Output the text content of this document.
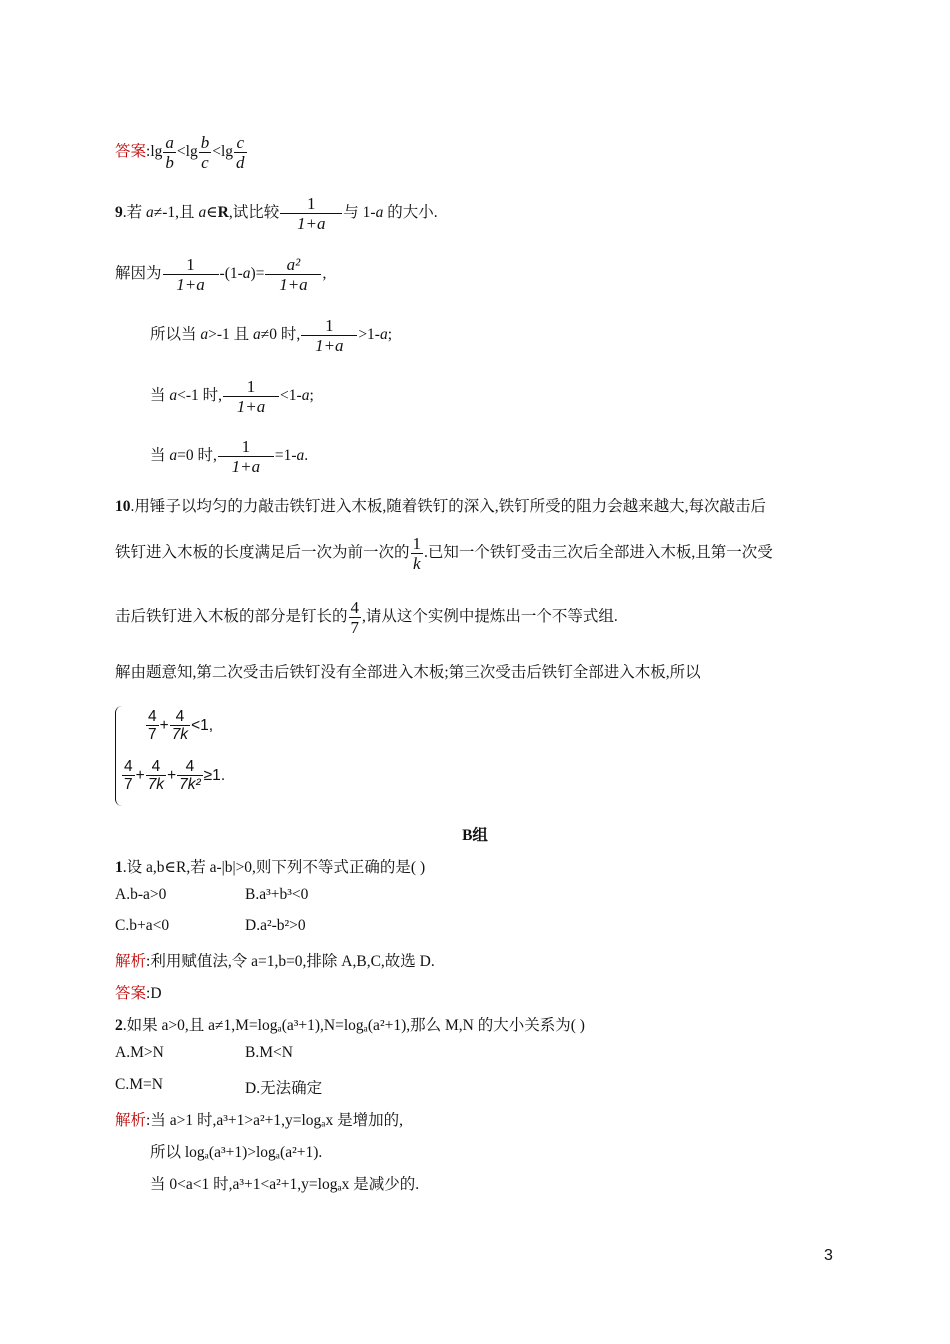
答案:lg $\frac{a}{b} <\lg \frac{b}{c} <\lg \frac{c}{d}$
9.若 a≠-1,且 a∈R,试比较 $\frac{1}{1+a}$ 与 1-a 的大小.
解因为 $\frac{1}{1+a} -(1-a)= \frac{\text{a²}}{1+a}$ ,
所以当 a>-1 且 a≠0 时, $\frac{1}{1+a} >1-a$;
当 a<-1 时, $\frac{1}{1+a} <1-a$;
当 a=0 时, $\frac{1}{1+a} =1-a$.
10.用锤子以均匀的力敲击铁钉进入木板,随着铁钉的深入,铁钉所受的阻力会越来越大,每次敲击后
铁钉进入木板的长度满足后一次为前一次的 $\frac{1}{k}$ .已知一个铁钉受击三次后全部进入木板,且第一次受
击后铁钉进入木板的部分是钉长的 $\frac{4}{7}$ ,请从这个实例中提炼出一个不等式组.
解由题意知,第二次受击后铁钉没有全部进入木板;第三次受击后铁钉全部进入木板,所以
$\frac{4}{7} + \frac{4}{7k} <1$,
$\frac{4}{7} + \frac{4}{7k} + \frac{4}{\text{7k²}} \ge 1$.
B组
1.设 a,b∈R,若 a-|b|>0,则下列不等式正确的是( )
A.b-a>0	B.a³+b³<0
C.b+a<0	D.a²-b²>0
解析:利用赋值法,令 a=1,b=0,排除 A,B,C,故选 D.
答案:D
2.如果 a>0,且 a≠1,M=logₐ(a³+1),N=logₐ(a²+1),那么 M,N 的大小关系为( )
A.M>N	B.M<N
C.M=N	D.无法确定
解析:当 a>1 时,a³+1>a²+1,y=logₐx 是增加的,
所以 logₐ(a³+1)>logₐ(a²+1).
当 0<a<1 时,a³+1<a²+1,y=logₐx 是减少的.
3
